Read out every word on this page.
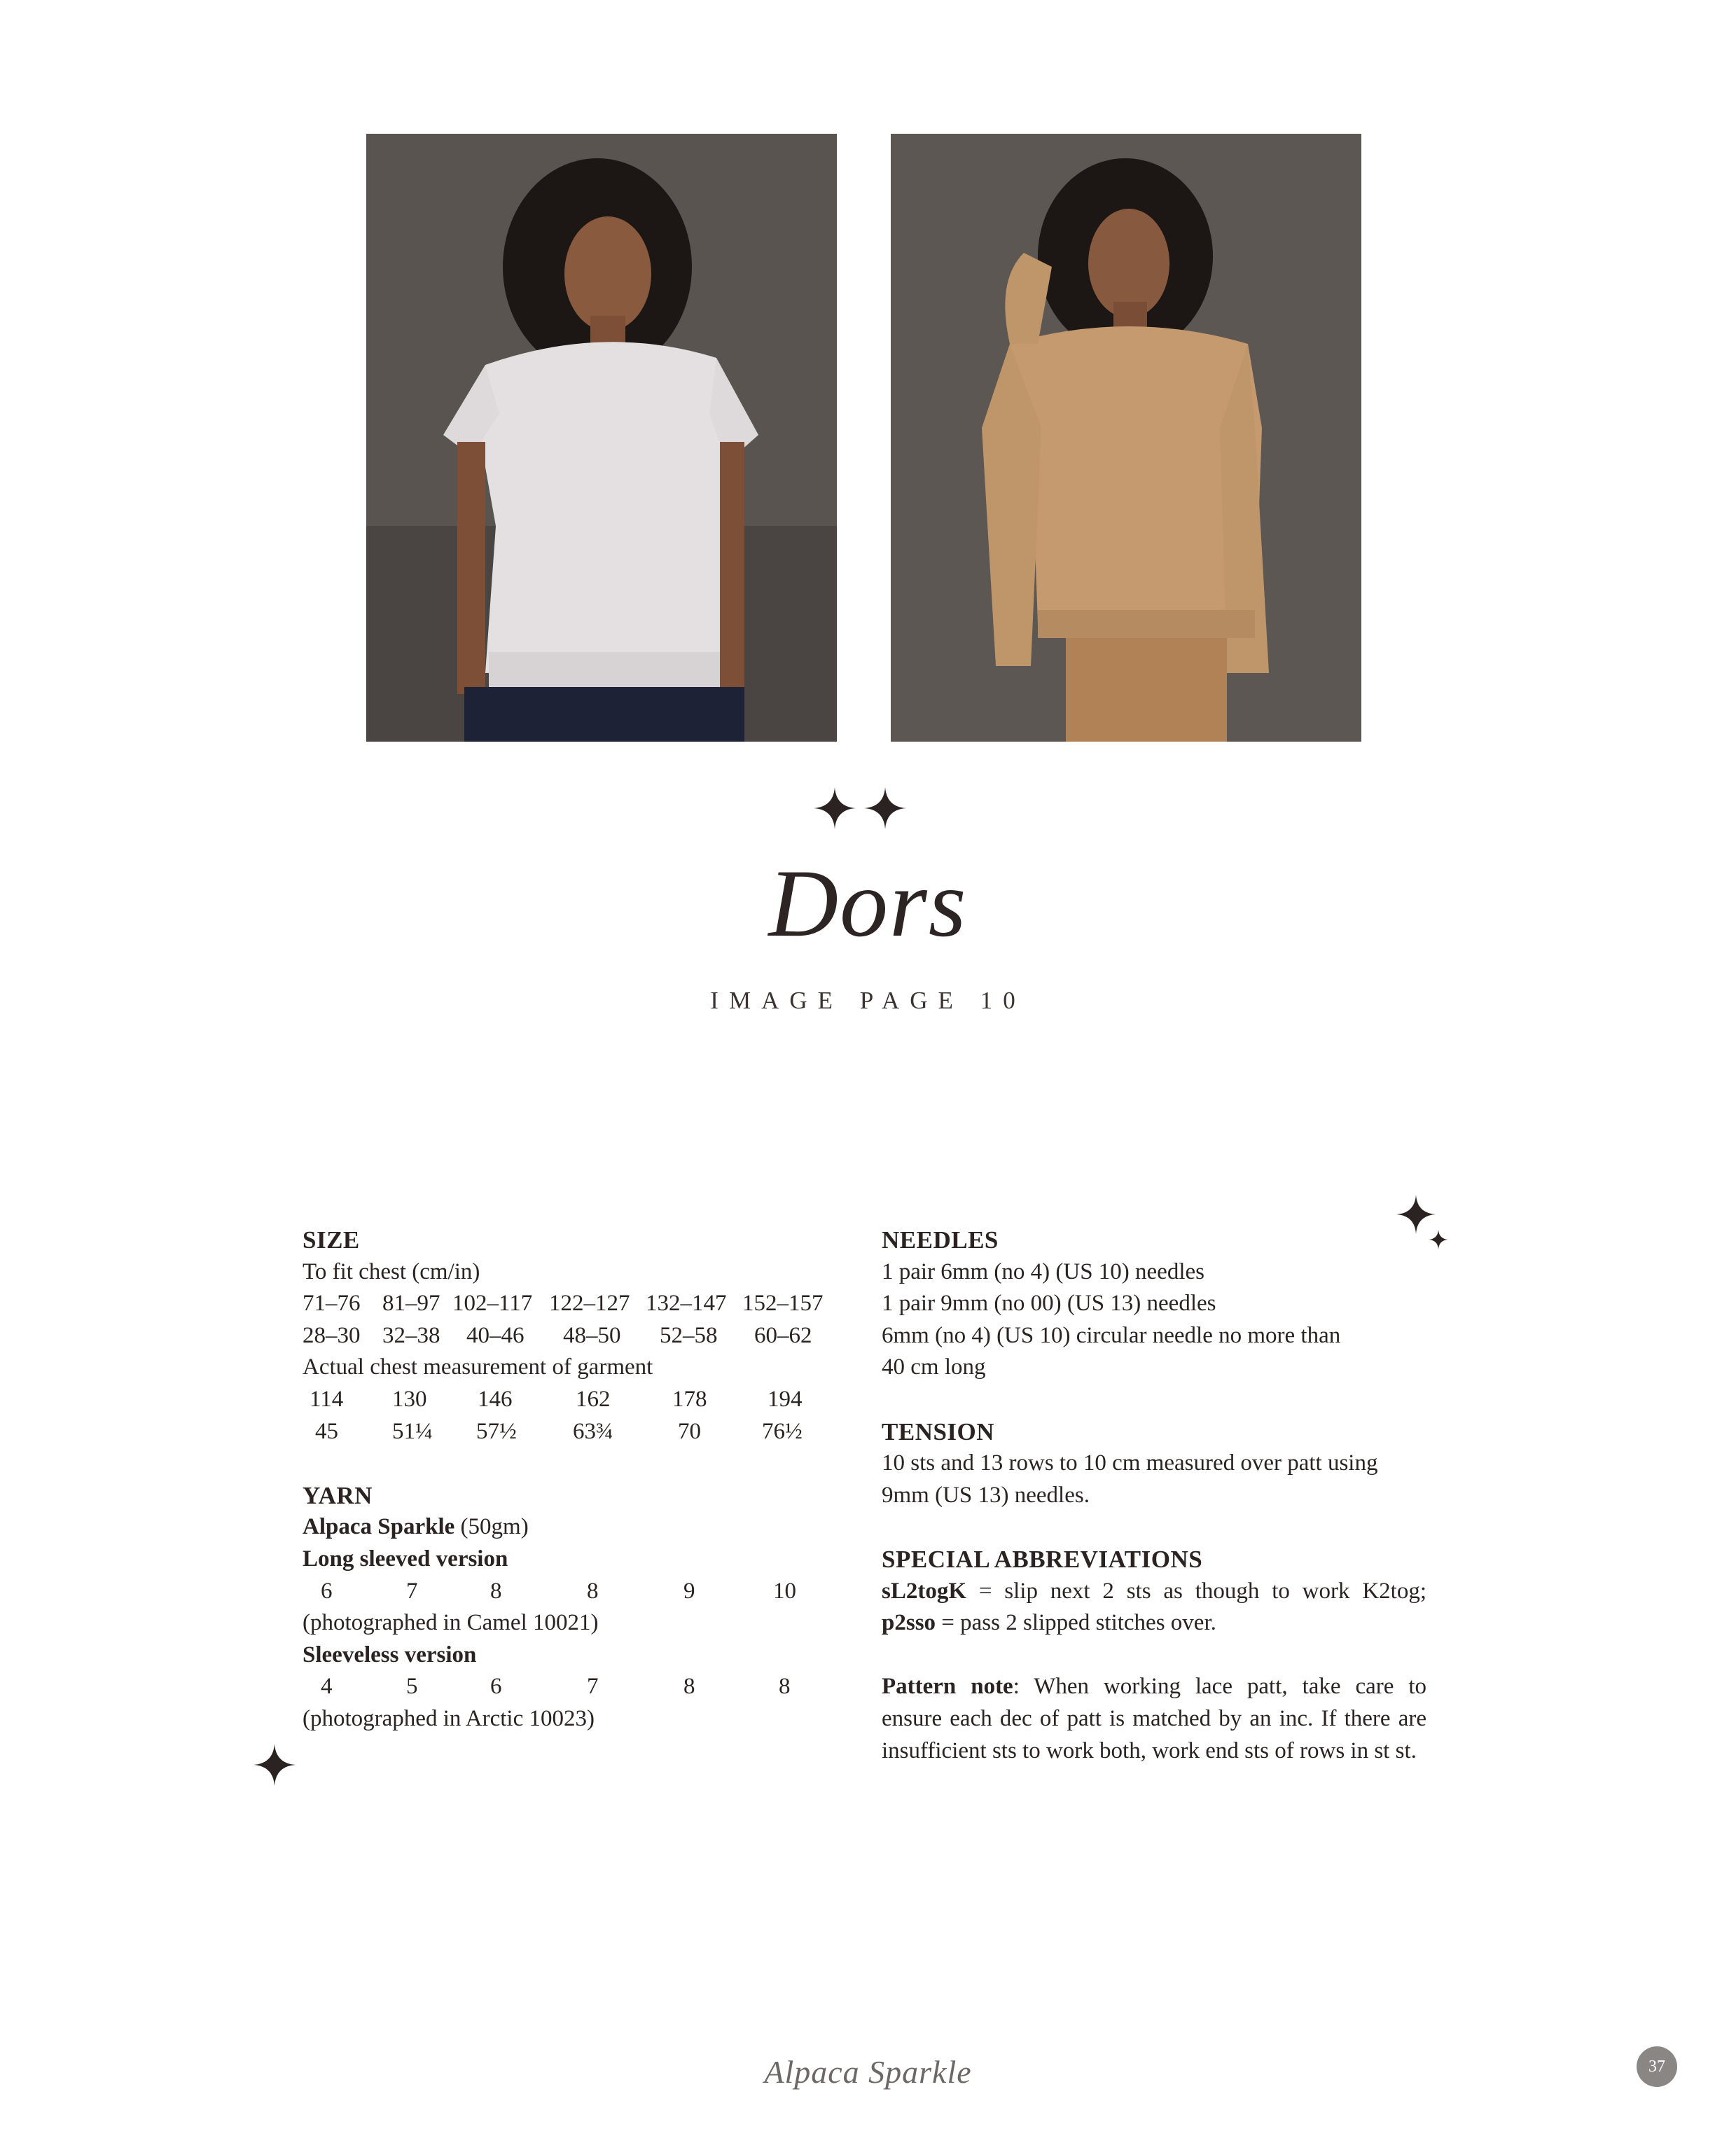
Dors
IMAGE PAGE 10
SIZE
To fit chest (cm/in)
71–76 81–97 102–117 122–127 132–147 152–157
28–30 32–38 40–46 48–50 52–58 60–62
Actual chest measurement of garment
114 130 146	162	178	194
45 51¼ 57½ 63¾	70	76½
YARN
Alpaca Sparkle (50gm)
Long sleeved version
6	7	8	8	9	10
(photographed in Camel 10021)
Sleeveless version
4	5	6	7	8	8
(photographed in Arctic 10023)
NEEDLES
1 pair 6mm (no 4) (US 10) needles
1 pair 9mm (no 00) (US 13) needles
6mm (no 4) (US 10) circular needle no more than
40 cm long
TENSION
10 sts and 13 rows to 10 cm measured over patt using
9mm (US 13) needles.
SPECIAL ABBREVIATIONS
sL2togK = slip next 2 sts as though to work K2tog;
p2sso = pass 2 slipped stitches over.
Pattern note: When working lace patt, take care to
ensure each dec of patt is matched by an inc. If there are
insufficient sts to work both, work end sts of rows in st st.
Alpaca Sparkle	37
